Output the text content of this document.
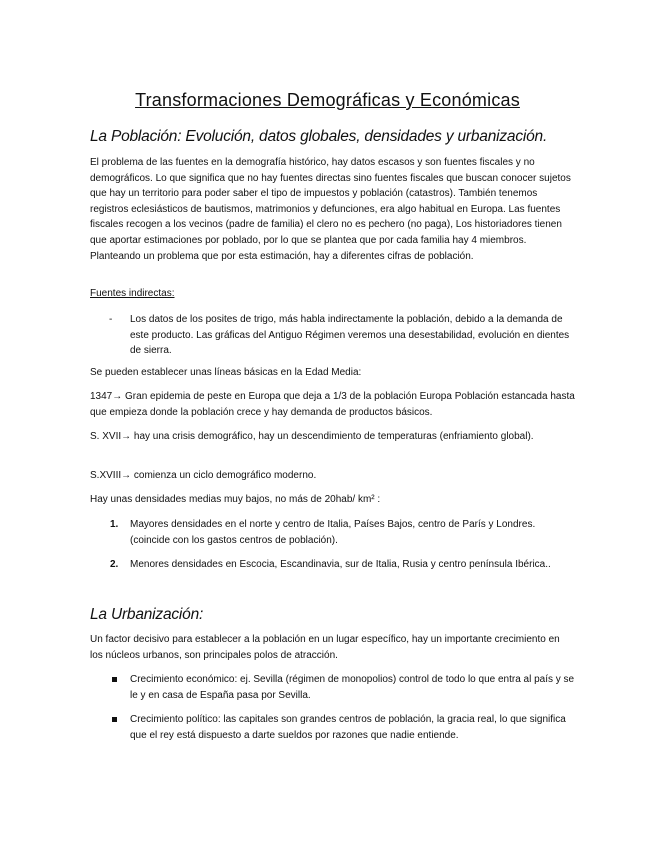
Transformaciones Demográficas y Económicas
La Población: Evolución, datos globales, densidades y urbanización.

El problema de las fuentes en la demografía histórico, hay datos escasos y son fuentes fiscales y no demográficos. Lo que significa que no hay fuentes directas sino fuentes fiscales que buscan conocer sujetos que hay un territorio para poder saber el tipo de impuestos y población (catastros). También tenemos registros eclesiásticos de bautismos, matrimonios y defunciones, era algo habitual en Europa. Las fuentes fiscales recogen a los vecinos (padre de familia) el clero no es pechero (no paga), Los historiadores tienen que aportar estimaciones por poblado, por lo que se plantea que por cada familia hay 4 miembros. Planteando un problema que por esta estimación, hay a diferentes cifras de población.

Fuentes indirectas:

- Los datos de los posites de trigo, más habla indirectamente la población, debido a la demanda de este producto. Las gráficas del Antiguo Régimen veremos una desestabilidad, evolución en dientes de sierra.

Se pueden establecer unas líneas básicas en la Edad Media:

1347→ Gran epidemia de peste en Europa que deja a 1/3 de la población Europa Población estancada hasta que empieza donde la población crece y hay demanda de productos básicos.

S. XVII→ hay una crisis demográfico, hay un descendimiento de temperaturas (enfriamiento global).

S.XVIII→ comienza un ciclo demográfico moderno.

Hay unas densidades medias muy bajos, no más de 20hab/ km² :

1. Mayores densidades en el norte y centro de Italia, Países Bajos, centro de París y Londres. (coincide con los gastos centros de población).
2. Menores densidades en Escocia, Escandinavia, sur de Italia, Rusia y centro península Ibérica..
La Urbanización:

Un factor decisivo para establecer a la población en un lugar específico, hay un importante crecimiento en los núcleos urbanos, son principales polos de atracción.

Crecimiento económico: ej. Sevilla (régimen de monopolios) control de todo lo que entra al país y se le y en casa de España pasa por Sevilla.
Crecimiento político: las capitales son grandes centros de población, la gracia real, lo que significa que el rey está dispuesto a darte sueldos por razones que nadie entiende.
